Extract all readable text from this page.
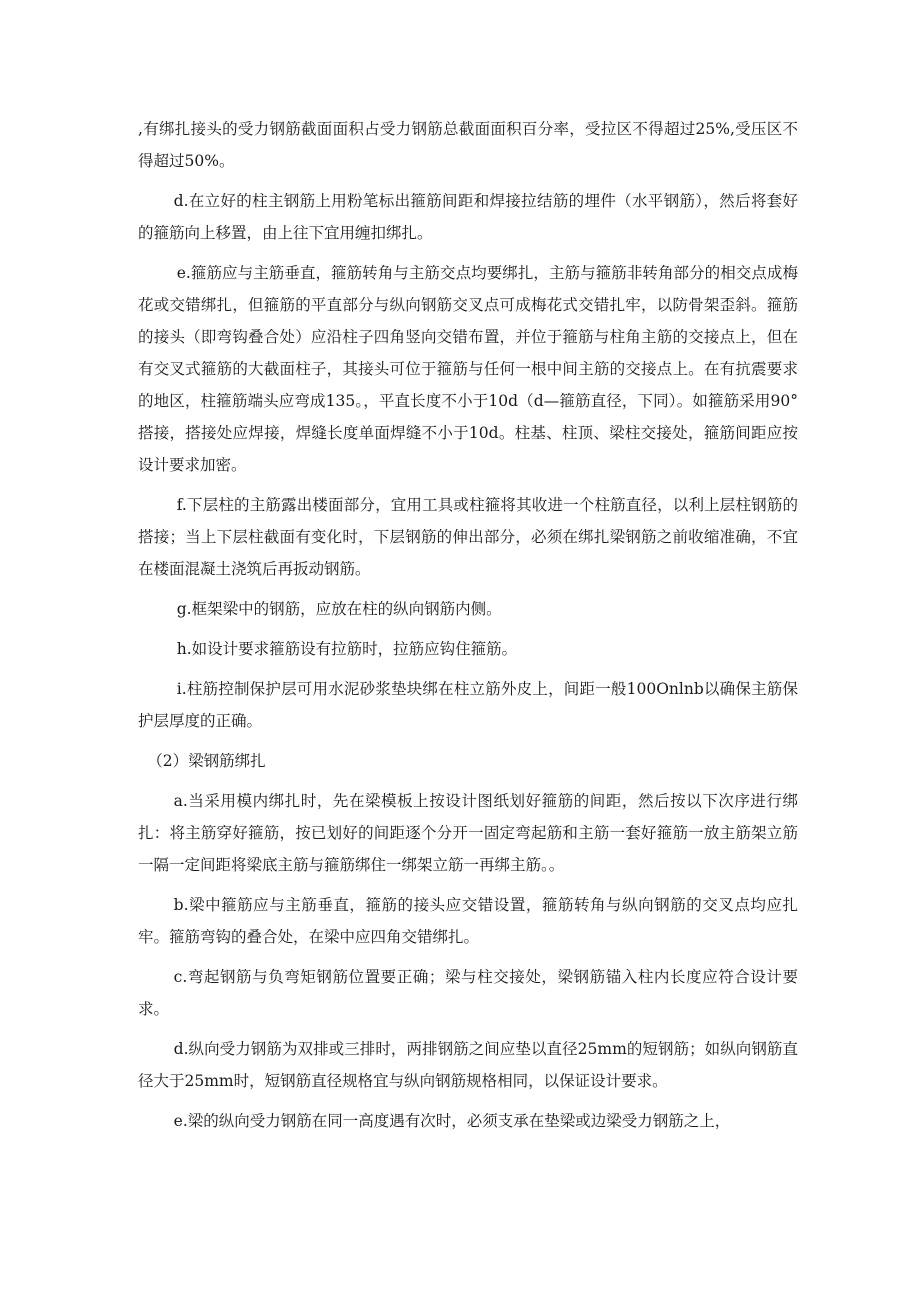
,有绑扎接头的受力钢筋截面面积占受力钢筋总截面面积百分率，受拉区不得超过25%,受压区不得超过50%。

d.在立好的柱主钢筋上用粉笔标出箍筋间距和焊接拉结筋的埋件（水平钢筋），然后将套好的箍筋向上移置，由上往下宜用缠扣绑扎。

e.箍筋应与主筋垂直，箍筋转角与主筋交点均要绑扎，主筋与箍筋非转角部分的相交点成梅花或交错绑扎，但箍筋的平直部分与纵向钢筋交叉点可成梅花式交错扎牢，以防骨架歪斜。箍筋的接头（即弯钩叠合处）应沿柱子四角竖向交错布置，并位于箍筋与柱角主筋的交接点上，但在有交叉式箍筋的大截面柱子，其接头可位于箍筋与任何一根中间主筋的交接点上。在有抗震要求的地区，柱箍筋端头应弯成135。，平直长度不小于10d（d—箍筋直径，下同）。如箍筋采用90°搭接，搭接处应焊接，焊缝长度单面焊缝不小于10d。柱基、柱顶、梁柱交接处，箍筋间距应按设计要求加密。

f.下层柱的主筋露出楼面部分，宜用工具或柱箍将其收进一个柱筋直径，以利上层柱钢筋的搭接；当上下层柱截面有变化时，下层钢筋的伸出部分，必须在绑扎梁钢筋之前收缩准确，不宜在楼面混凝土浇筑后再扳动钢筋。

g.框架梁中的钢筋，应放在柱的纵向钢筋内侧。

h.如设计要求箍筋设有拉筋时，拉筋应钩住箍筋。

i.柱筋控制保护层可用水泥砂浆垫块绑在柱立筋外皮上，间距一般100Onlnb以确保主筋保护层厚度的正确。

（2）梁钢筋绑扎

a.当采用模内绑扎时，先在梁模板上按设计图纸划好箍筋的间距，然后按以下次序进行绑扎：将主筋穿好箍筋，按已划好的间距逐个分开一固定弯起筋和主筋一套好箍筋一放主筋架立筋一隔一定间距将梁底主筋与箍筋绑住一绑架立筋一再绑主筋。。

b.梁中箍筋应与主筋垂直，箍筋的接头应交错设置，箍筋转角与纵向钢筋的交叉点均应扎牢。箍筋弯钩的叠合处，在梁中应四角交错绑扎。

c.弯起钢筋与负弯矩钢筋位置要正确；梁与柱交接处，梁钢筋锚入柱内长度应符合设计要求。

d.纵向受力钢筋为双排或三排时，两排钢筋之间应垫以直径25mm的短钢筋；如纵向钢筋直径大于25mm时，短钢筋直径规格宜与纵向钢筋规格相同，以保证设计要求。

e.梁的纵向受力钢筋在同一高度遇有次时，必须支承在垫梁或边梁受力钢筋之上，
